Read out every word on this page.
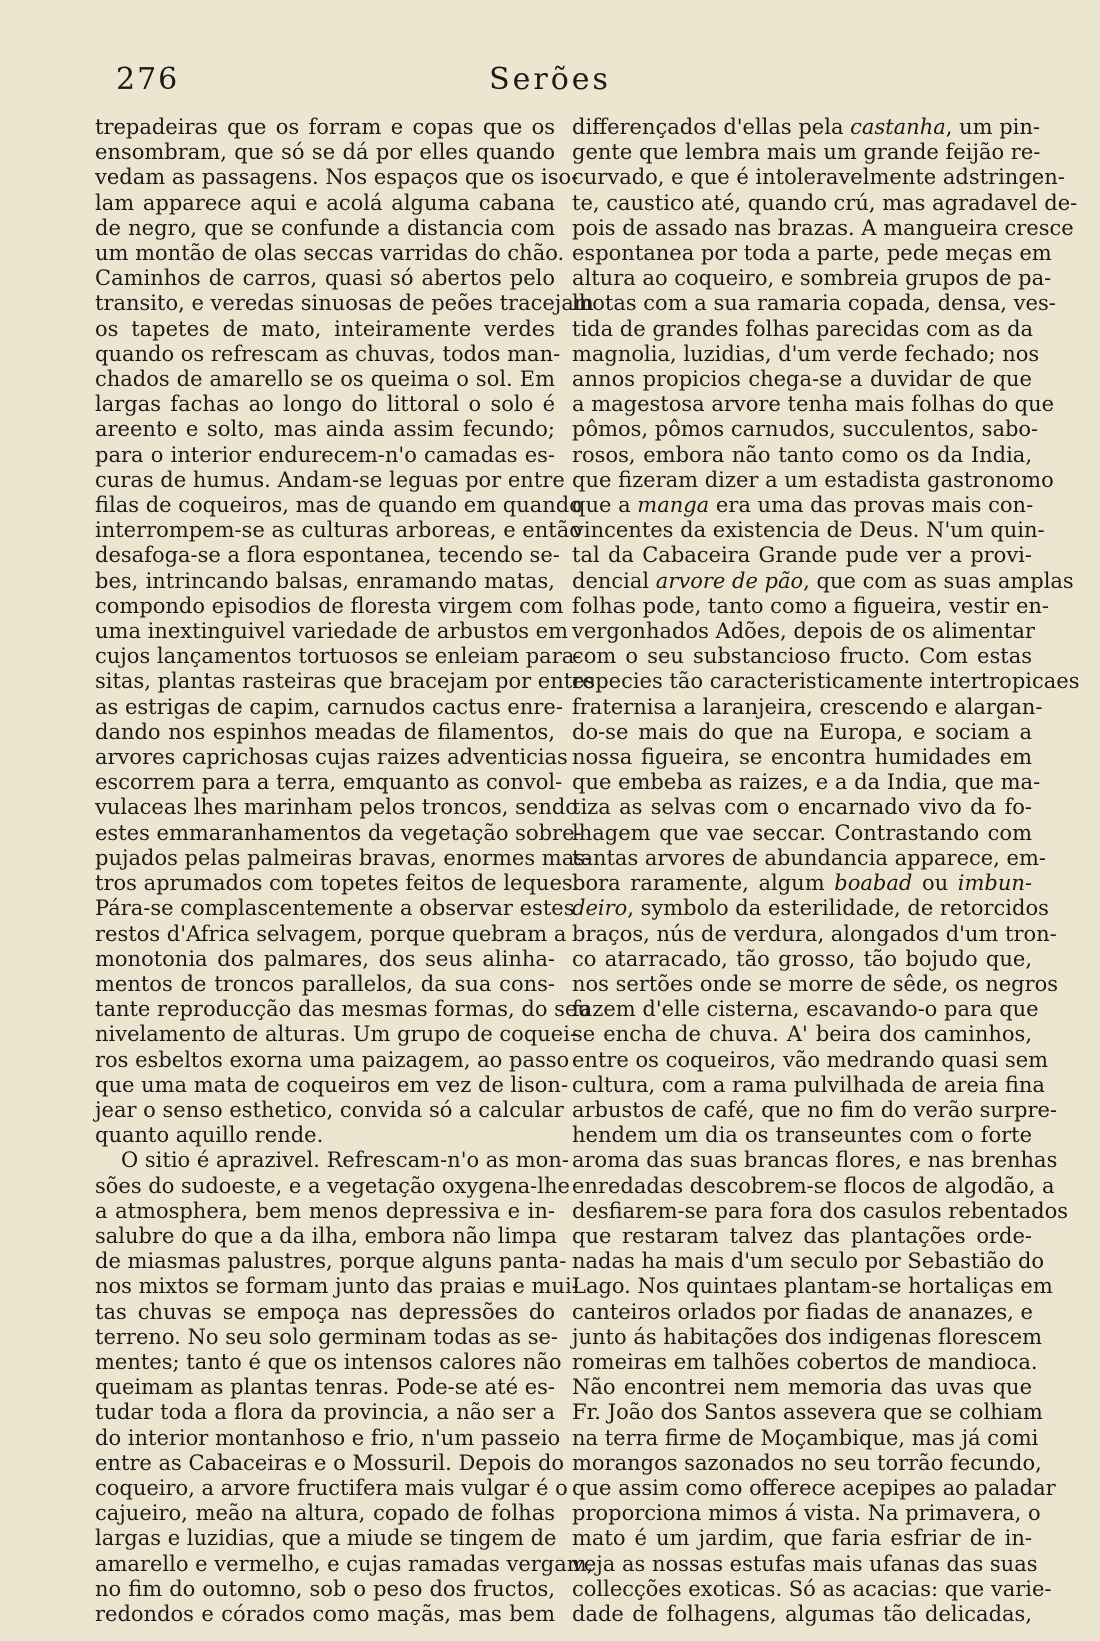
276	Serões
trepadeiras que os forram e copas que os
ensombram, que só se dá por elles quando
vedam as passagens. Nos espaços que os iso-
lam apparece aqui e acolá alguma cabana
de negro, que se confunde a distancia com
um montão de olas seccas varridas do chão.
Caminhos de carros, quasi só abertos pelo
transito, e veredas sinuosas de peões tracejam
os tapetes de mato, inteiramente verdes
quando os refrescam as chuvas, todos man-
chados de amarello se os queima o sol. Em
largas fachas ao longo do littoral o solo é
areento e solto, mas ainda assim fecundo;
para o interior endurecem-n'o camadas es-
curas de humus. Andam-se leguas por entre
filas de coqueiros, mas de quando em quando
interrompem-se as culturas arboreas, e então
desafoga-se a flora espontanea, tecendo se-
bes, intrincando balsas, enramando matas,
compondo episodios de floresta virgem com
uma inextinguivel variedade de arbustos em
cujos lançamentos tortuosos se enleiam para-
sitas, plantas rasteiras que bracejam por entre
as estrigas de capim, carnudos cactus enre-
dando nos espinhos meadas de filamentos,
arvores caprichosas cujas raizes adventicias
escorrem para a terra, emquanto as convol-
vulaceas lhes marinham pelos troncos, sendo
estes emmaranhamentos da vegetação sobre-
pujados pelas palmeiras bravas, enormes mas-
tros aprumados com topetes feitos de leques.
Pára-se complascentemente a observar estes
restos d'Africa selvagem, porque quebram a
monotonia dos palmares, dos seus alinha-
mentos de troncos parallelos, da sua cons-
tante reproducção das mesmas formas, do seu
nivelamento de alturas. Um grupo de coquei-
ros esbeltos exorna uma paizagem, ao passo
que uma mata de coqueiros em vez de lison-
jear o senso esthetico, convida só a calcular
quanto aquillo rende.
O sitio é aprazivel. Refrescam-n'o as mon-
sões do sudoeste, e a vegetação oxygena-lhe
a atmosphera, bem menos depressiva e in-
salubre do que a da ilha, embora não limpa
de miasmas palustres, porque alguns panta-
nos mixtos se formam junto das praias e mui-
tas chuvas se empoça nas depressões do
terreno. No seu solo germinam todas as se-
mentes; tanto é que os intensos calores não
queimam as plantas tenras. Pode-se até es-
tudar toda a flora da provincia, a não ser a
do interior montanhoso e frio, n'um passeio
entre as Cabaceiras e o Mossuril. Depois do
coqueiro, a arvore fructifera mais vulgar é o
cajueiro, meão na altura, copado de folhas
largas e luzidias, que a miude se tingem de
amarello e vermelho, e cujas ramadas vergam,
no fim do outomno, sob o peso dos fructos,
redondos e córados como maçãs, mas bem
differençados d'ellas pela castanha, um pin-
gente que lembra mais um grande feijão re-
curvado, e que é intoleravelmente adstringen-
te, caustico até, quando crú, mas agradavel de-
pois de assado nas brazas. A mangueira cresce
espontanea por toda a parte, pede meças em
altura ao coqueiro, e sombreia grupos de pa-
lhotas com a sua ramaria copada, densa, ves-
tida de grandes folhas parecidas com as da
magnolia, luzidias, d'um verde fechado; nos
annos propicios chega-se a duvidar de que
a magestosa arvore tenha mais folhas do que
pômos, pômos carnudos, succulentos, sabo-
rosos, embora não tanto como os da India,
que fizeram dizer a um estadista gastronomo
que a manga era uma das provas mais con-
vincentes da existencia de Deus. N'um quin-
tal da Cabaceira Grande pude ver a provi-
dencial arvore de pão, que com as suas amplas
folhas pode, tanto como a figueira, vestir en-
vergonhados Adões, depois de os alimentar
com o seu substancioso fructo. Com estas
especies tão caracteristicamente intertropicaes
fraternisa a laranjeira, crescendo e alargan-
do-se mais do que na Europa, e sociam a
nossa figueira, se encontra humidades em
que embeba as raizes, e a da India, que ma-
tiza as selvas com o encarnado vivo da fo-
lhagem que vae seccar. Contrastando com
tantas arvores de abundancia apparece, em-
bora raramente, algum boabad ou imbun-
deiro, symbolo da esterilidade, de retorcidos
braços, nús de verdura, alongados d'um tron-
co atarracado, tão grosso, tão bojudo que,
nos sertões onde se morre de sêde, os negros
fazem d'elle cisterna, escavando-o para que
se encha de chuva. A' beira dos caminhos,
entre os coqueiros, vão medrando quasi sem
cultura, com a rama pulvilhada de areia fina
arbustos de café, que no fim do verão surpre-
hendem um dia os transeuntes com o forte
aroma das suas brancas flores, e nas brenhas
enredadas descobrem-se flocos de algodão, a
desfiarem-se para fora dos casulos rebentados
que restaram talvez das plantações orde-
nadas ha mais d'um seculo por Sebastião do
Lago. Nos quintaes plantam-se hortaliças em
canteiros orlados por fiadas de ananazes, e
junto ás habitações dos indigenas florescem
romeiras em talhões cobertos de mandioca.
Não encontrei nem memoria das uvas que
Fr. João dos Santos assevera que se colhiam
na terra firme de Moçambique, mas já comi
morangos sazonados no seu torrão fecundo,
que assim como offerece acepipes ao paladar
proporciona mimos á vista. Na primavera, o
mato é um jardim, que faria esfriar de in-
veja as nossas estufas mais ufanas das suas
collecções exoticas. Só as acacias: que varie-
dade de folhagens, algumas tão delicadas,
